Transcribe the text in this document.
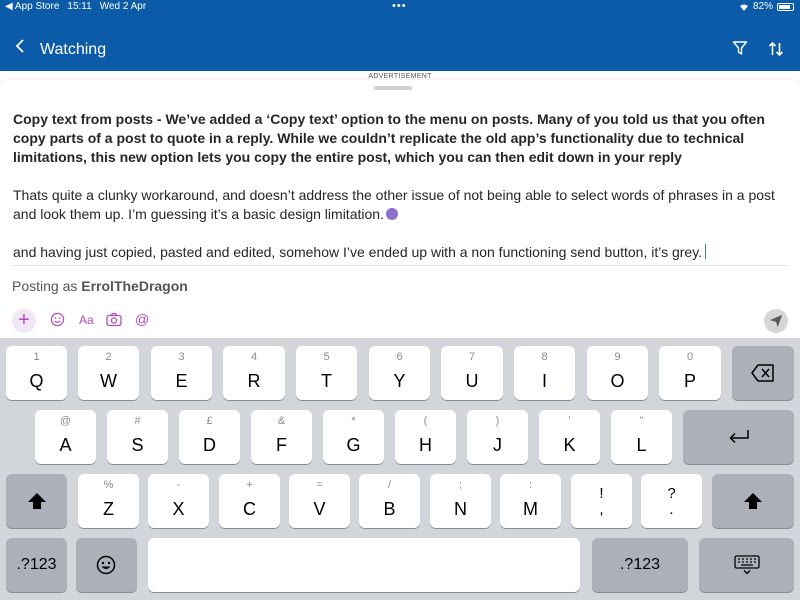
◀ App Store 15:11 Wed 2 Apr	•••	82%
Watching
ADVERTISEMENT

Copy text from posts - We’ve added a ‘Copy text’ option to the menu on posts. Many of you told us that you often copy parts of a post to quote in a reply. While we couldn’t replicate the old app’s functionality due to technical limitations, this new option lets you copy the entire post, which you can then edit down in your reply

Thats quite a clunky workaround, and doesn’t address the other issue of not being able to select words of phrases in a post and look them up. I’m guessing it’s a basic design limitation.

and having just copied, pasted and edited, somehow I’ve ended up with a non functioning send button, it’s grey.

Posting as ErrolTheDragon
+	Aa	@
1
Q
2
W
3
E
4
R
5
T
6
Y
7
U
8
I
9
O
0
P
@
A
#
S
£
D
&
F
*
G
(
H
)
J
’
K
”
L
%
Z
-
X
+
C
=
V
/
B
;
N
:
M
!
,
?
.
.?123	.?123
